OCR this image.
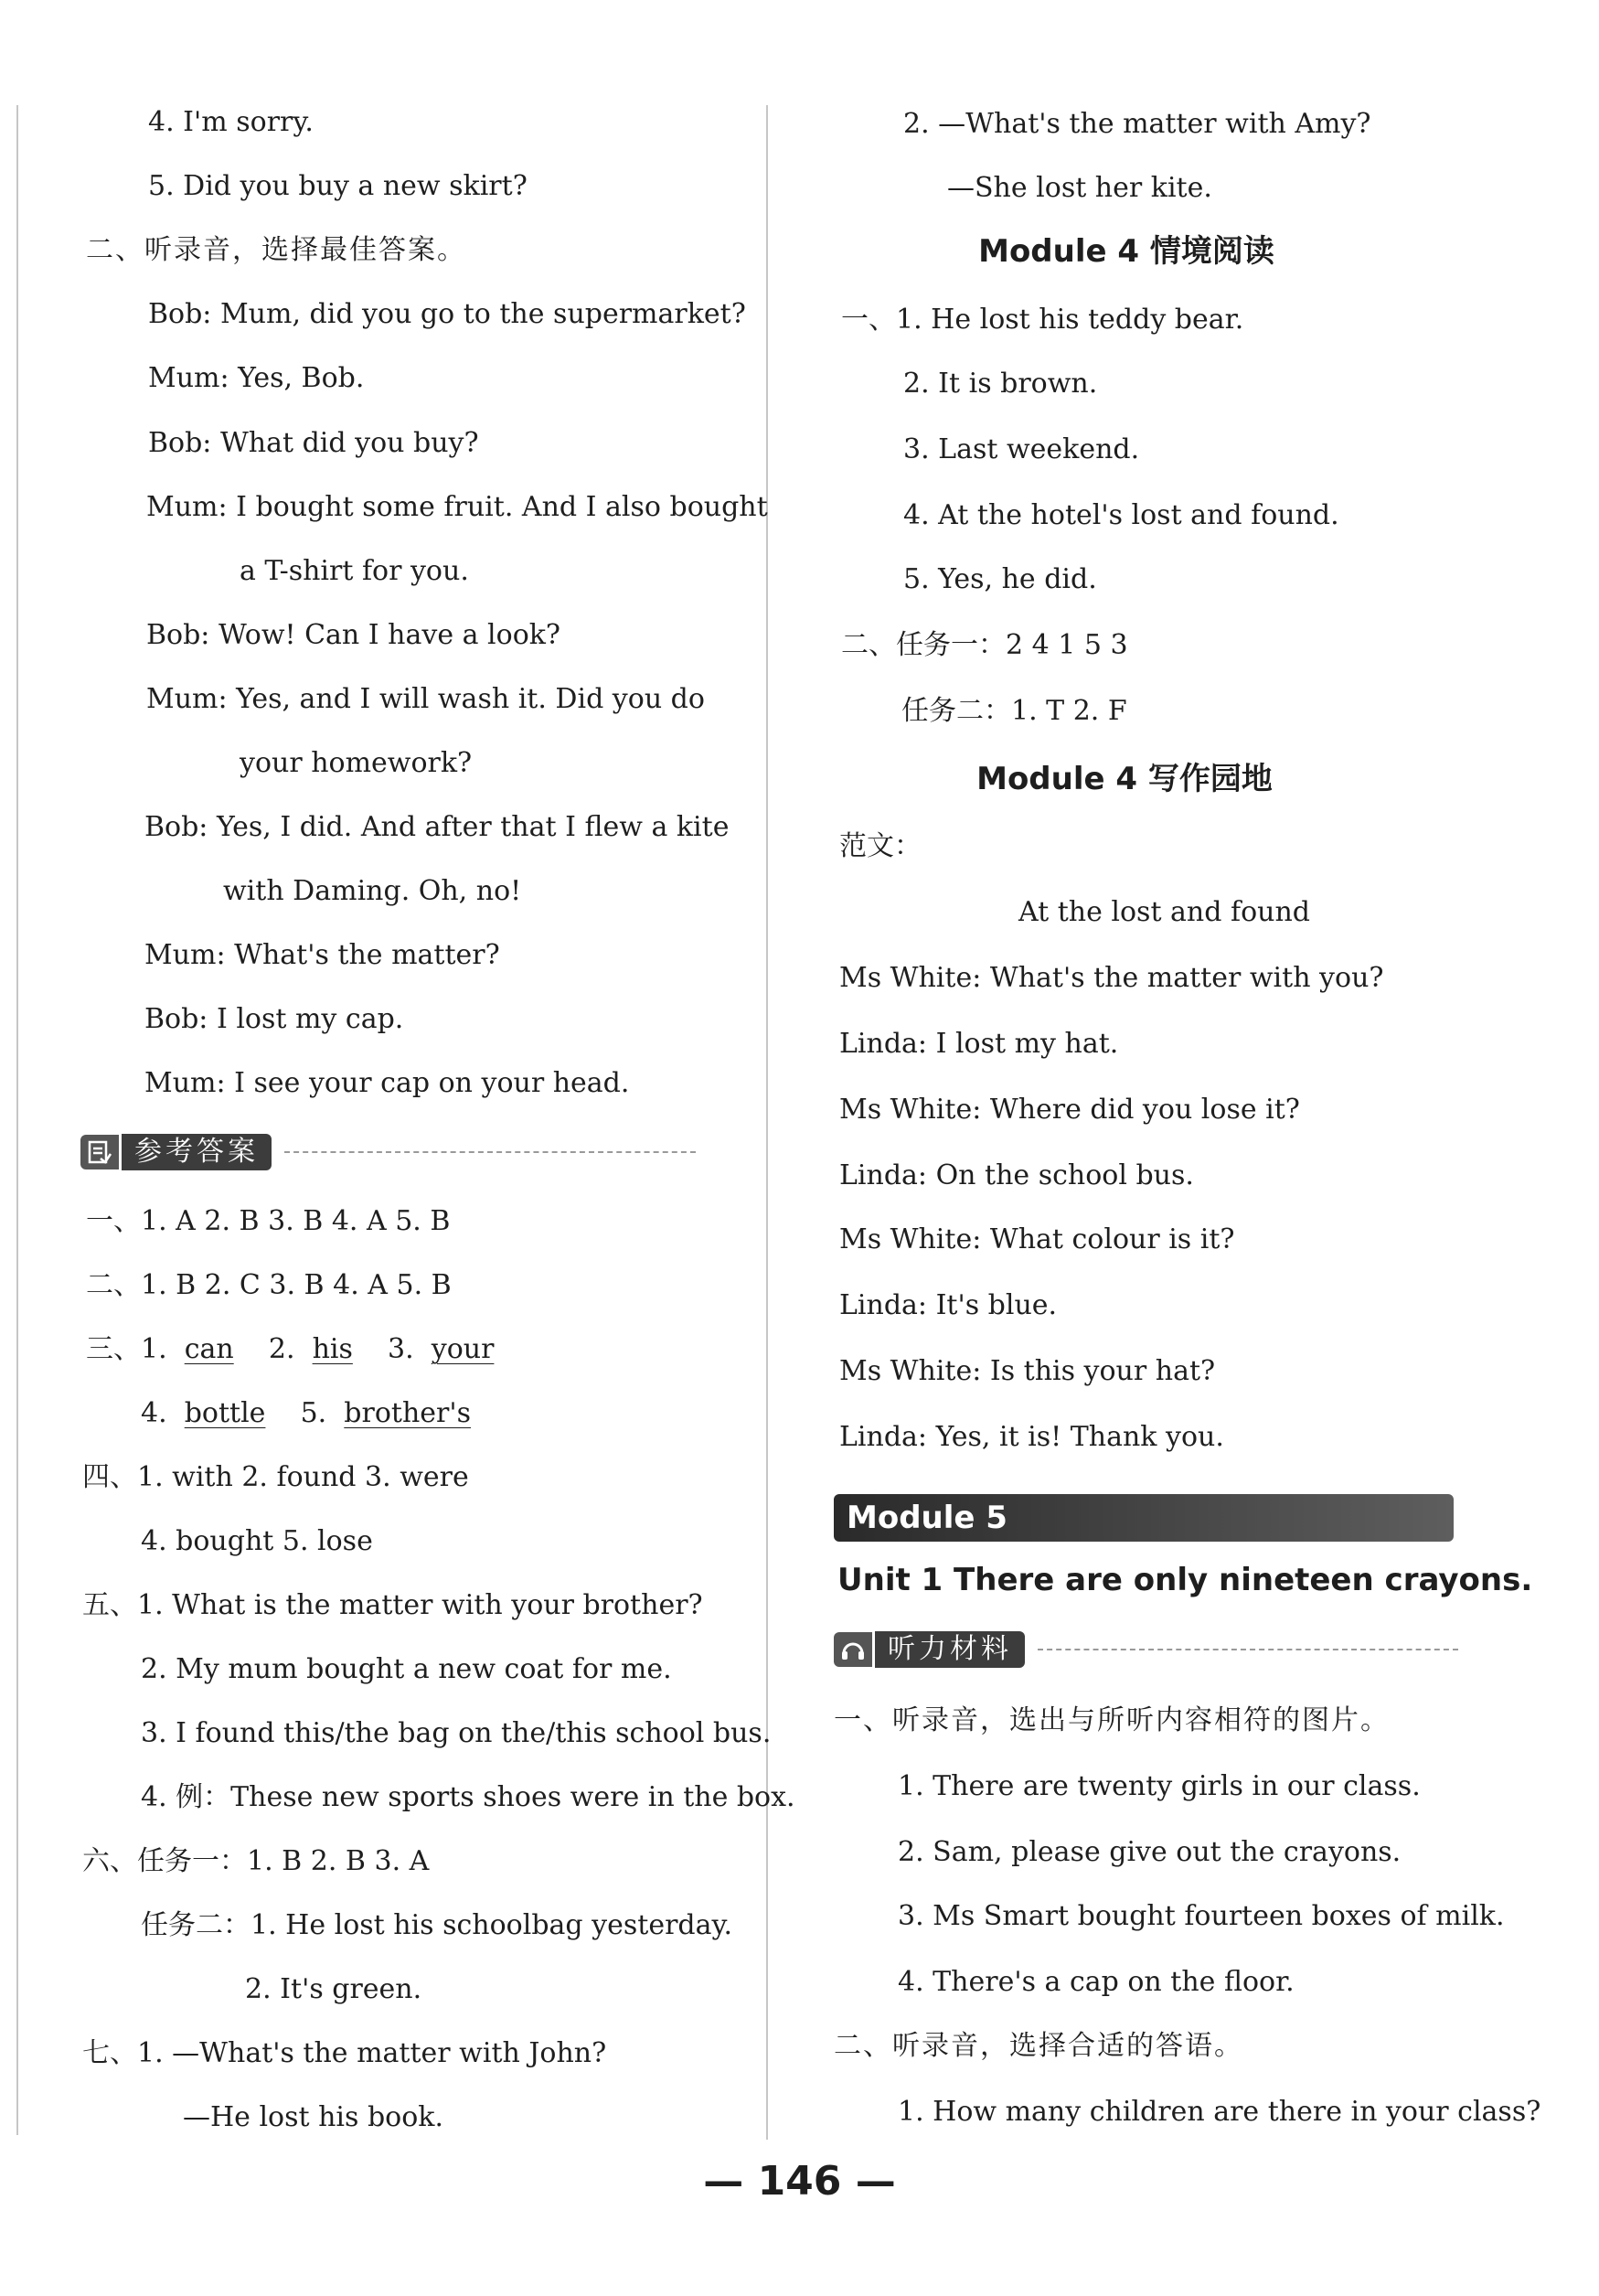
4. I'm sorry.
5. Did you buy a new skirt?
二、听录音，选择最佳答案。
Bob: Mum, did you go to the supermarket?
Mum: Yes, Bob.
Bob: What did you buy?
Mum: I bought some fruit. And I also bought
a T-shirt for you.
Bob: Wow! Can I have a look?
Mum: Yes, and I will wash it. Did you do
your homework?
Bob: Yes, I did. And after that I flew a kite
with Daming. Oh, no!
Mum: What's the matter?
Bob: I lost my cap.
Mum: I see your cap on your head.
参考答案
一、1. A 2. B 3. B 4. A 5. B
二、1. B 2. C 3. B 4. A 5. B
三、1. can 2. his 3. your
4. bottle 5. brother's
四、1. with 2. found 3. were
4. bought 5. lose
五、1. What is the matter with your brother?
2. My mum bought a new coat for me.
3. I found this/the bag on the/this school bus.
4. 例：These new sports shoes were in the box.
六、任务一：1. B 2. B 3. A
任务二：1. He lost his schoolbag yesterday.
2. It's green.
七、1. —What's the matter with John?
—He lost his book.
2. —What's the matter with Amy?
—She lost her kite.
Module 4 情境阅读
一、1. He lost his teddy bear.
2. It is brown.
3. Last weekend.
4. At the hotel's lost and found.
5. Yes, he did.
二、任务一：2 4 1 5 3
任务二：1. T 2. F
Module 4 写作园地
范文：
At the lost and found
Ms White: What's the matter with you?
Linda: I lost my hat.
Ms White: Where did you lose it?
Linda: On the school bus.
Ms White: What colour is it?
Linda: It's blue.
Ms White: Is this your hat?
Linda: Yes, it is! Thank you.
Module 5
Unit 1 There are only nineteen crayons.
听力材料
一、听录音，选出与所听内容相符的图片。
1. There are twenty girls in our class.
2. Sam, please give out the crayons.
3. Ms Smart bought fourteen boxes of milk.
4. There's a cap on the floor.
二、听录音，选择合适的答语。
1. How many children are there in your class?
— 146 —
